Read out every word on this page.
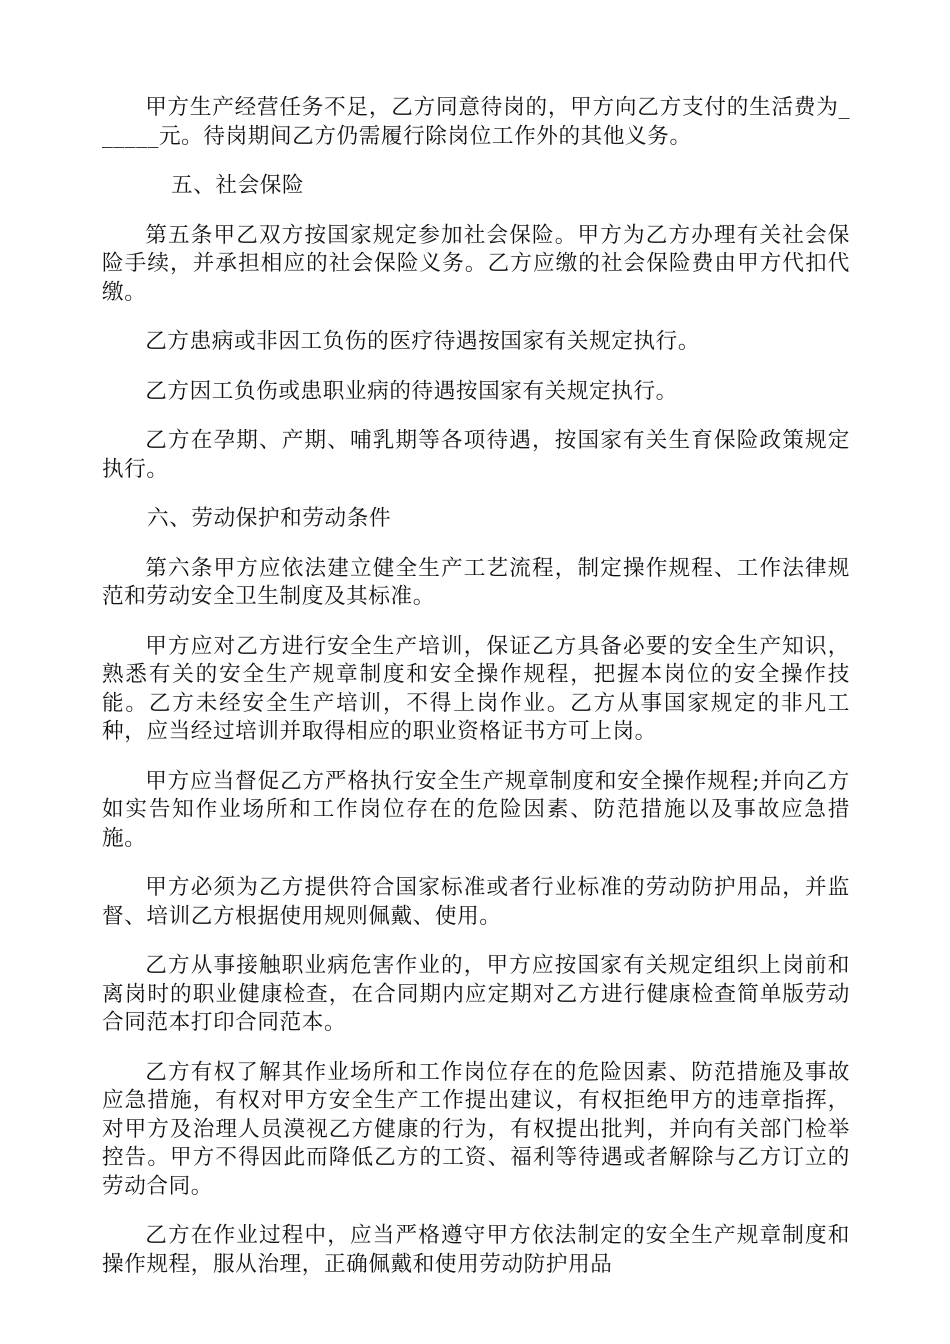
甲方生产经营任务不足，乙方同意待岗的，甲方向乙方支付的生活费为______元。待岗期间乙方仍需履行除岗位工作外的其他义务。

五、社会保险

第五条甲乙双方按国家规定参加社会保险。甲方为乙方办理有关社会保险手续，并承担相应的社会保险义务。乙方应缴的社会保险费由甲方代扣代缴。

乙方患病或非因工负伤的医疗待遇按国家有关规定执行。

乙方因工负伤或患职业病的待遇按国家有关规定执行。

乙方在孕期、产期、哺乳期等各项待遇，按国家有关生育保险政策规定执行。

六、劳动保护和劳动条件

第六条甲方应依法建立健全生产工艺流程，制定操作规程、工作法律规范和劳动安全卫生制度及其标准。

甲方应对乙方进行安全生产培训，保证乙方具备必要的安全生产知识，熟悉有关的安全生产规章制度和安全操作规程，把握本岗位的安全操作技能。乙方未经安全生产培训，不得上岗作业。乙方从事国家规定的非凡工种，应当经过培训并取得相应的职业资格证书方可上岗。

甲方应当督促乙方严格执行安全生产规章制度和安全操作规程;并向乙方如实告知作业场所和工作岗位存在的危险因素、防范措施以及事故应急措施。

甲方必须为乙方提供符合国家标准或者行业标准的劳动防护用品，并监督、培训乙方根据使用规则佩戴、使用。

乙方从事接触职业病危害作业的，甲方应按国家有关规定组织上岗前和离岗时的职业健康检查，在合同期内应定期对乙方进行健康检查简单版劳动合同范本打印合同范本。

乙方有权了解其作业场所和工作岗位存在的危险因素、防范措施及事故应急措施，有权对甲方安全生产工作提出建议，有权拒绝甲方的违章指挥，对甲方及治理人员漠视乙方健康的行为，有权提出批判，并向有关部门检举控告。甲方不得因此而降低乙方的工资、福利等待遇或者解除与乙方订立的劳动合同。

乙方在作业过程中，应当严格遵守甲方依法制定的安全生产规章制度和操作规程，服从治理，正确佩戴和使用劳动防护用品
